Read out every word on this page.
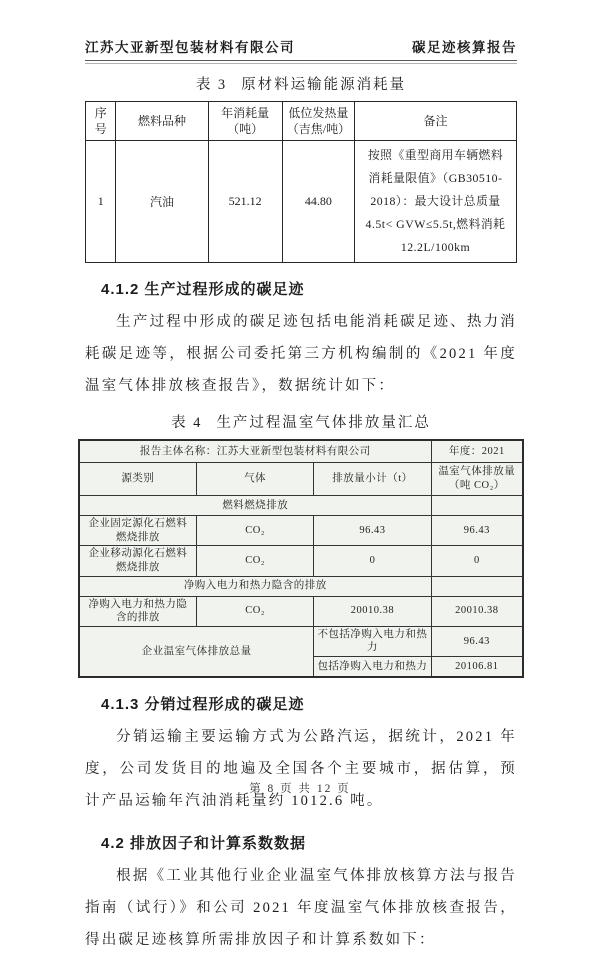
江苏大亚新型包装材料有限公司	碳足迹核算报告
表 3 原材料运输能源消耗量
序号	燃料品种	年消耗量（吨）	低位发热量（吉焦/吨）	备注
1	汽油	521.12	44.80	按照《重型商用车辆燃料消耗量限值》（GB30510-2018）：最大设计总质量 4.5t< GVW≤5.5t,燃料消耗 12.2L/100km
4.1.2 生产过程形成的碳足迹

生产过程中形成的碳足迹包括电能消耗碳足迹、热力消耗碳足迹等，根据公司委托第三方机构编制的《2021 年度温室气体排放核查报告》，数据统计如下：

表 4 生产过程温室气体排放量汇总
报告主体名称：江苏大亚新型包装材料有限公司			年度：2021
源类别	气体	排放量小计（t）	温室气体排放量（吨 CO₂）
燃料燃烧排放			
企业固定源化石燃料燃烧排放	CO₂	96.43	96.43
企业移动源化石燃料燃烧排放	CO₂	0	0
净购入电力和热力隐含的排放			
净购入电力和热力隐含的排放	CO₂	20010.38	20010.38
企业温室气体排放总量		不包括净购入电力和热力	96.43
		包括净购入电力和热力	20106.81
4.1.3 分销过程形成的碳足迹

分销运输主要运输方式为公路汽运，据统计，2021 年度，公司发货目的地遍及全国各个主要城市，据估算，预计产品运输年汽油消耗量约 1012.6 吨。

4.2 排放因子和计算系数数据

根据《工业其他行业企业温室气体排放核算方法与报告指南（试行）》和公司 2021 年度温室气体排放核查报告，得出碳足迹核算所需排放因子和计算系数如下：

第 8 页 共 12 页
